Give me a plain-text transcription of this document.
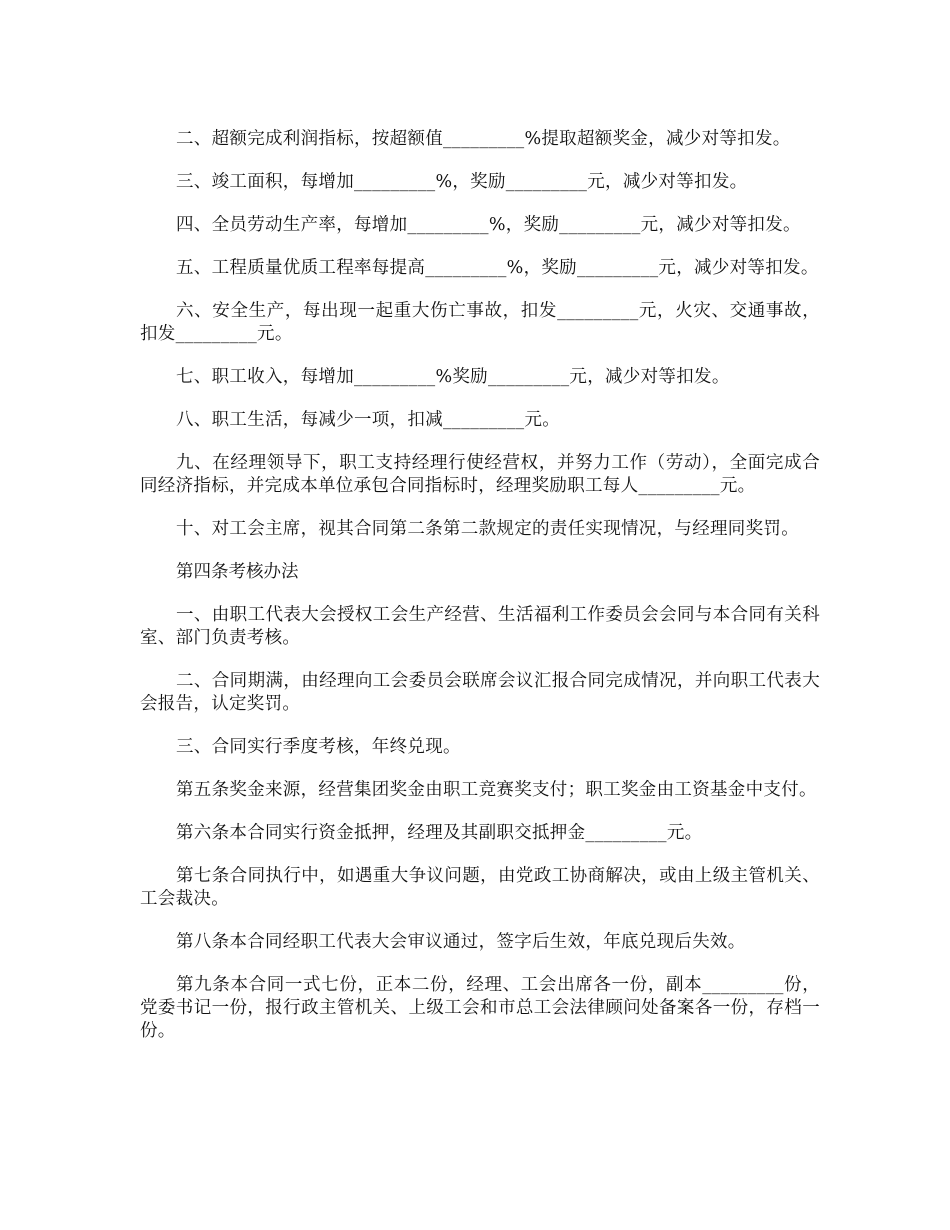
二、超额完成利润指标，按超额值_________%提取超额奖金，减少对等扣发。

三、竣工面积，每增加_________%，奖励_________元，减少对等扣发。

四、全员劳动生产率，每增加_________%，奖励_________元，减少对等扣发。

五、工程质量优质工程率每提高_________%，奖励_________元，减少对等扣发。

六、安全生产，每出现一起重大伤亡事故，扣发_________元，火灾、交通事故，扣发_________元。

七、职工收入，每增加_________%奖励_________元，减少对等扣发。

八、职工生活，每减少一项，扣减_________元。

九、在经理领导下，职工支持经理行使经营权，并努力工作（劳动），全面完成合同经济指标，并完成本单位承包合同指标时，经理奖励职工每人_________元。

十、对工会主席，视其合同第二条第二款规定的责任实现情况，与经理同奖罚。

第四条考核办法

一、由职工代表大会授权工会生产经营、生活福利工作委员会会同与本合同有关科室、部门负责考核。

二、合同期满，由经理向工会委员会联席会议汇报合同完成情况，并向职工代表大会报告，认定奖罚。

三、合同实行季度考核，年终兑现。

第五条奖金来源，经营集团奖金由职工竞赛奖支付；职工奖金由工资基金中支付。

第六条本合同实行资金抵押，经理及其副职交抵押金_________元。

第七条合同执行中，如遇重大争议问题，由党政工协商解决，或由上级主管机关、工会裁决。

第八条本合同经职工代表大会审议通过，签字后生效，年底兑现后失效。

第九条本合同一式七份，正本二份，经理、工会出席各一份，副本_________份，党委书记一份，报行政主管机关、上级工会和市总工会法律顾问处备案各一份，存档一份。
